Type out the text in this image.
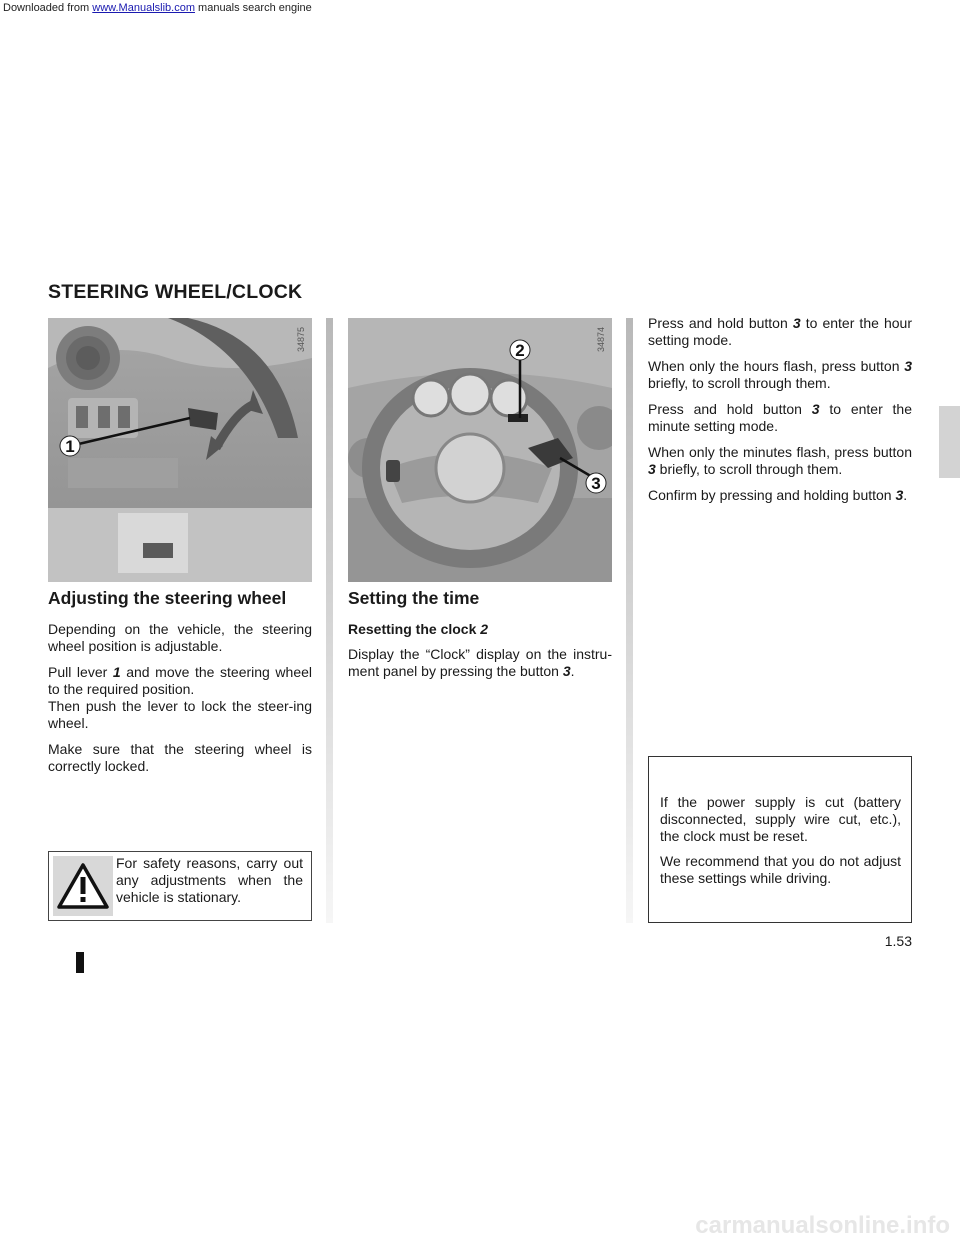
Downloaded from www.Manualslib.com manuals search engine
STEERING WHEEL/CLOCK
1
34875	2
3
34874
Adjusting the steering wheel

Depending on the vehicle, the steering wheel position is adjustable.

Pull lever 1 and move the steering wheel to the required position.
Then push the lever to lock the steer-ing wheel.

Make sure that the steering wheel is correctly locked.

For safety reasons, carry out any adjustments when the vehicle is stationary.

Setting the time
Resetting the clock 2

Display the “Clock” display on the instru-ment panel by pressing the button 3.

Press and hold button 3 to enter the hour setting mode.

When only the hours flash, press button 3 briefly, to scroll through them.

Press and hold button 3 to enter the minute setting mode.

When only the minutes flash, press button 3 briefly, to scroll through them.

Confirm by pressing and holding button 3.

If the power supply is cut (battery disconnected, supply wire cut, etc.), the clock must be reset.

We recommend that you do not adjust these settings while driving.

1.53
carmanualsonline.info
